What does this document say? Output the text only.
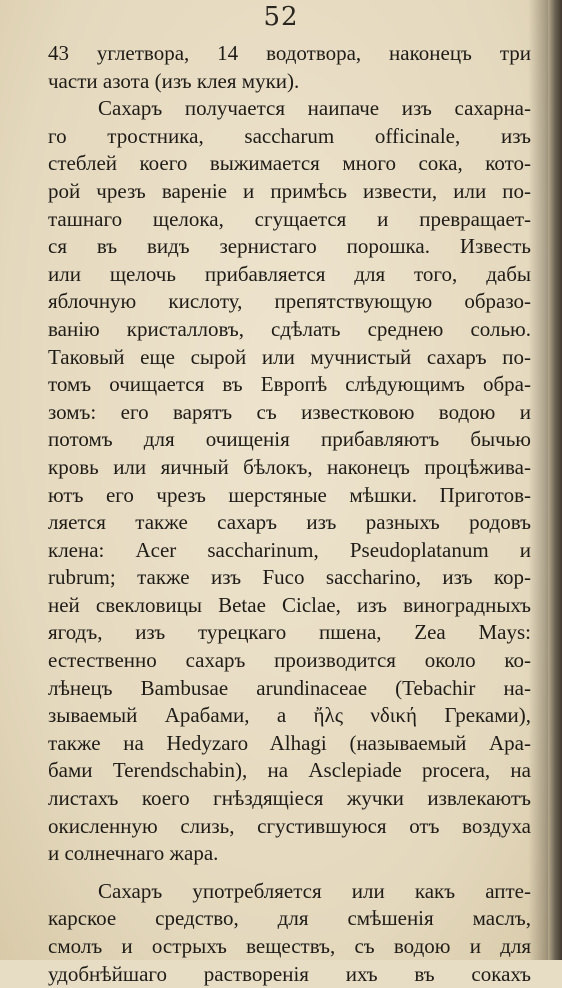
52
43 углетвора, 14 водотвора, наконецъ три
части азота (изъ клея муки).
Сахаръ получается наипаче изъ сахарна-
го тростника, saccharum officinale, изъ
стеблей коего выжимается много сока, кото-
рой чрезъ вареніе и примѣсь извести, или по-
ташнаго щелока, сгущается и превращает-
ся въ видъ зернистаго порошка. Известь
или щелочь прибавляется для того, дабы
яблочную кислоту, препятствующую образо-
ванію кристалловъ, сдѣлать среднею солью.
Таковый еще сырой или мучнистый сахаръ по-
томъ очищается въ Европѣ слѣдующимъ обра-
зомъ: его варятъ съ известковою водою и
потомъ для очищенія прибавляютъ бычью
кровь или яичный бѣлокъ, наконецъ процѣжива-
ютъ его чрезъ шерстяные мѣшки. Приготов-
ляется также сахаръ изъ разныхъ родовъ
клена: Acer saccharinum, Pseudoplatanum и
rubrum; также изъ Fuco saccharino, изъ кор-
ней свекловицы Betae Ciclae, изъ виноградныхъ
ягодъ, изъ турецкаго пшена, Zea Mays:
естественно сахаръ производится около ко-
лѣнецъ Bambusae arundinaceae (Tebachir на-
зываемый Арабами, а ἤλς νδική Греками),
также на Hedyzaro Alhagi (называемый Ара-
бами Terendschabin), на Asclepiade procera, на
листахъ коего гнѣздящіеся жучки извлекаютъ
окисленную слизь, сгустившуюся отъ воздуха
и солнечнаго жара.
Сахаръ употребляется или какъ апте-
карское средство, для смѣшенія маслъ,
смолъ и острыхъ веществъ, съ водою и для
удобнѣйшаго растворенія ихъ въ сокахъ
